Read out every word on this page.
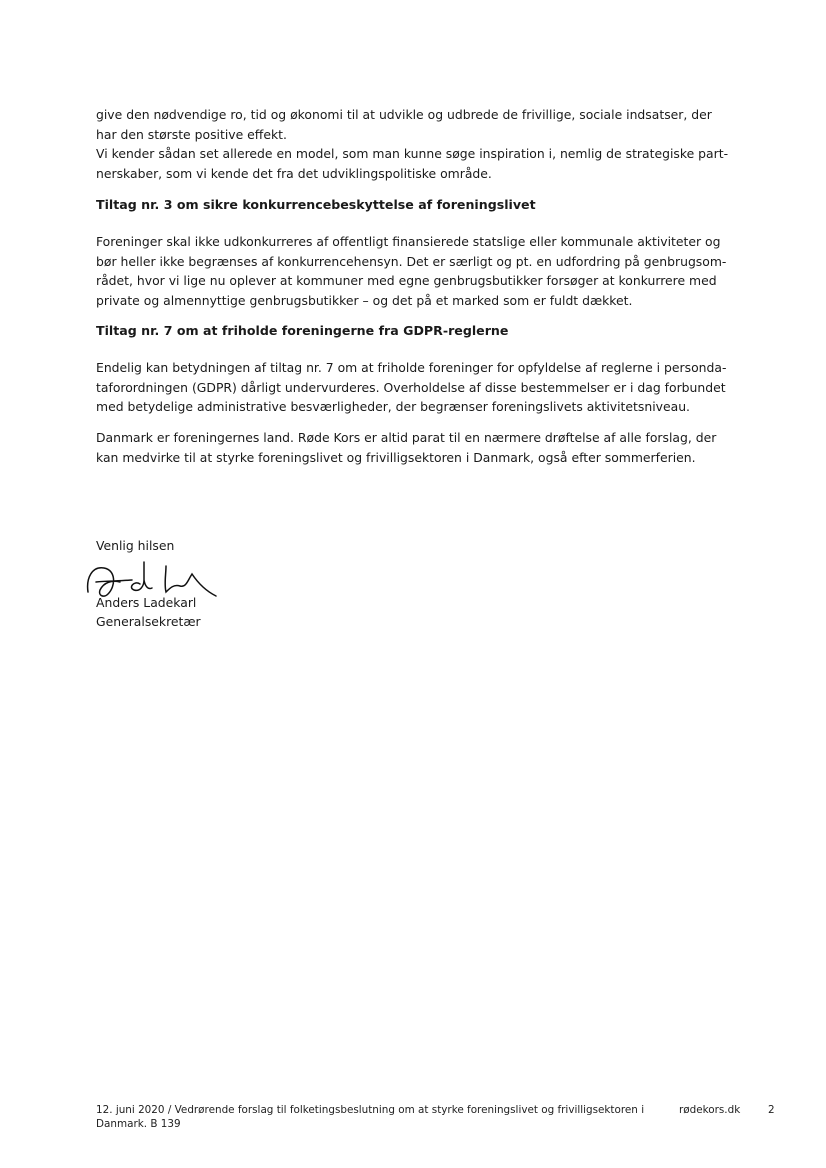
give den nødvendige ro, tid og økonomi til at udvikle og udbrede de frivillige, sociale indsatser, der
har den største positive effekt.
Vi kender sådan set allerede en model, som man kunne søge inspiration i, nemlig de strategiske part-
nerskaber, som vi kende det fra det udviklingspolitiske område.
Tiltag nr. 3 om sikre konkurrencebeskyttelse af foreningslivet
Foreninger skal ikke udkonkurreres af offentligt finansierede statslige eller kommunale aktiviteter og
bør heller ikke begrænses af konkurrencehensyn. Det er særligt og pt. en udfordring på genbrugsom-
rådet, hvor vi lige nu oplever at kommuner med egne genbrugsbutikker forsøger at konkurrere med
private og almennyttige genbrugsbutikker – og det på et marked som er fuldt dækket.
Tiltag nr. 7 om at friholde foreningerne fra GDPR-reglerne
Endelig kan betydningen af tiltag nr. 7 om at friholde foreninger for opfyldelse af reglerne i personda-
taforordningen (GDPR) dårligt undervurderes. Overholdelse af disse bestemmelser er i dag forbundet
med betydelige administrative besværligheder, der begrænser foreningslivets aktivitetsniveau.
Danmark er foreningernes land. Røde Kors er altid parat til en nærmere drøftelse af alle forslag, der
kan medvirke til at styrke foreningslivet og frivilligsektoren i Danmark, også efter sommerferien.
Venlig hilsen
Anders Ladekarl
Generalsekretær
12. juni 2020 / Vedrørende forslag til folketingsbeslutning om at styrke foreningslivet og frivilligsektoren i
Danmark. B 139
rødekors.dk	2
